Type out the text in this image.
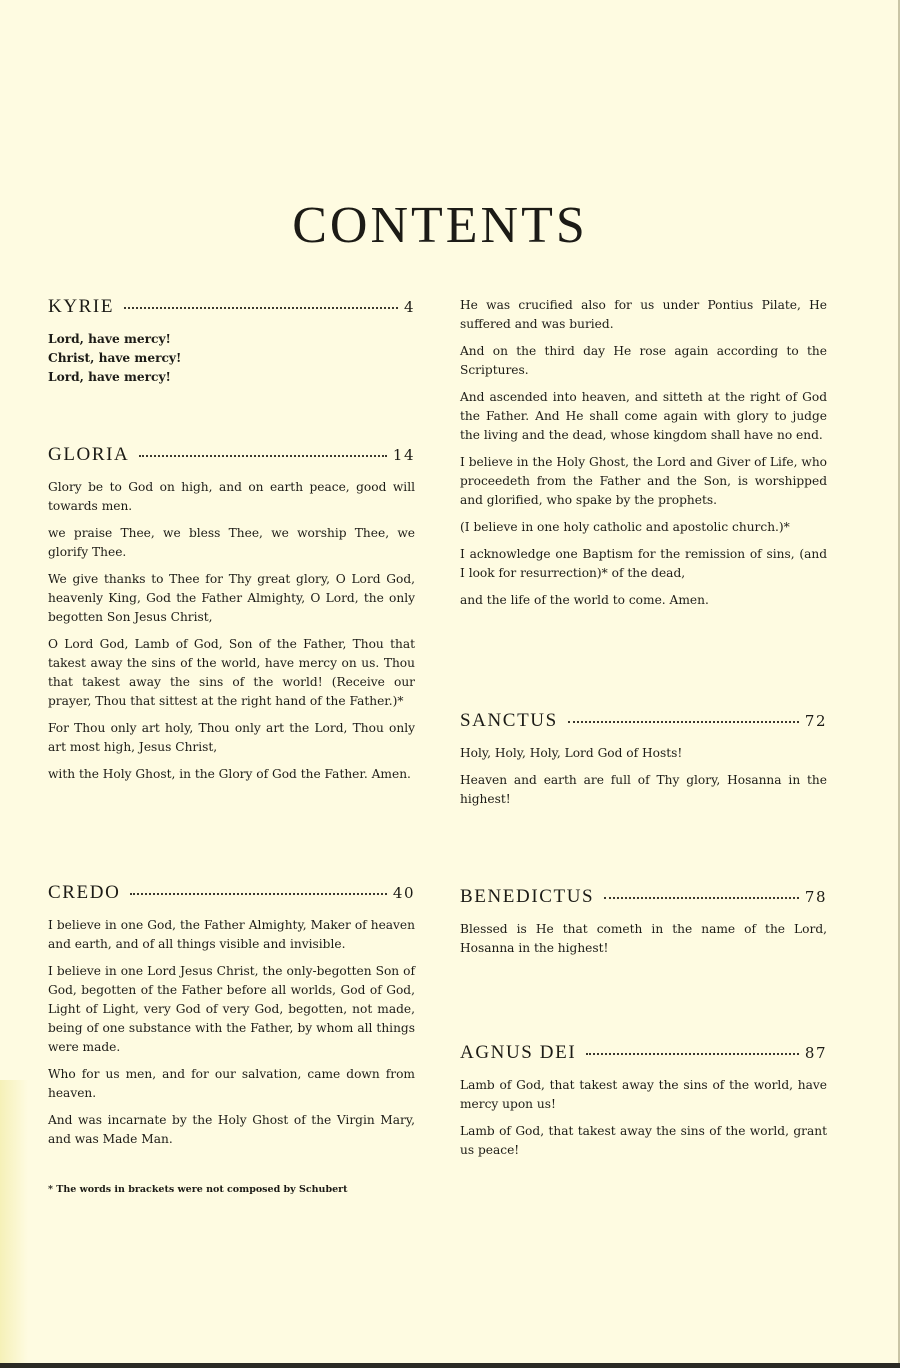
CONTENTS
KYRIE	4

Lord, have mercy!

Christ, have mercy!

Lord, have mercy!

GLORIA	14

Glory be to God on high, and on earth peace, good will towards men.

we praise Thee, we bless Thee, we worship Thee, we glorify Thee.

We give thanks to Thee for Thy great glory, O Lord God, heavenly King, God the Father Almighty, O Lord, the only begotten Son Jesus Christ,

O Lord God, Lamb of God, Son of the Father, Thou that takest away the sins of the world, have mercy on us. Thou that takest away the sins of the world! (Receive our prayer, Thou that sittest at the right hand of the Father.)*

For Thou only art holy, Thou only art the Lord, Thou only art most high, Jesus Christ,

with the Holy Ghost, in the Glory of God the Father. Amen.

CREDO	40

I believe in one God, the Father Almighty, Maker of heaven and earth, and of all things visible and invisible.

I believe in one Lord Jesus Christ, the only-begotten Son of God, begotten of the Father before all worlds, God of God, Light of Light, very God of very God, begotten, not made, being of one substance with the Father, by whom all things were made.

Who for us men, and for our salvation, came down from heaven.

And was incarnate by the Holy Ghost of the Virgin Mary, and was Made Man.

* The words in brackets were not composed by Schubert

He was crucified also for us under Pontius Pilate, He suffered and was buried.

And on the third day He rose again according to the Scriptures.

And ascended into heaven, and sitteth at the right of God the Father. And He shall come again with glory to judge the living and the dead, whose kingdom shall have no end.

I believe in the Holy Ghost, the Lord and Giver of Life, who proceedeth from the Father and the Son, is worshipped and glorified, who spake by the prophets.

(I believe in one holy catholic and apostolic church.)*

I acknowledge one Baptism for the remission of sins, (and I look for resurrection)* of the dead,

and the life of the world to come. Amen.

SANCTUS	72

Holy, Holy, Holy, Lord God of Hosts!

Heaven and earth are full of Thy glory, Hosanna in the highest!

BENEDICTUS	78

Blessed is He that cometh in the name of the Lord, Hosanna in the highest!

AGNUS DEI	87

Lamb of God, that takest away the sins of the world, have mercy upon us!

Lamb of God, that takest away the sins of the world, grant us peace!
